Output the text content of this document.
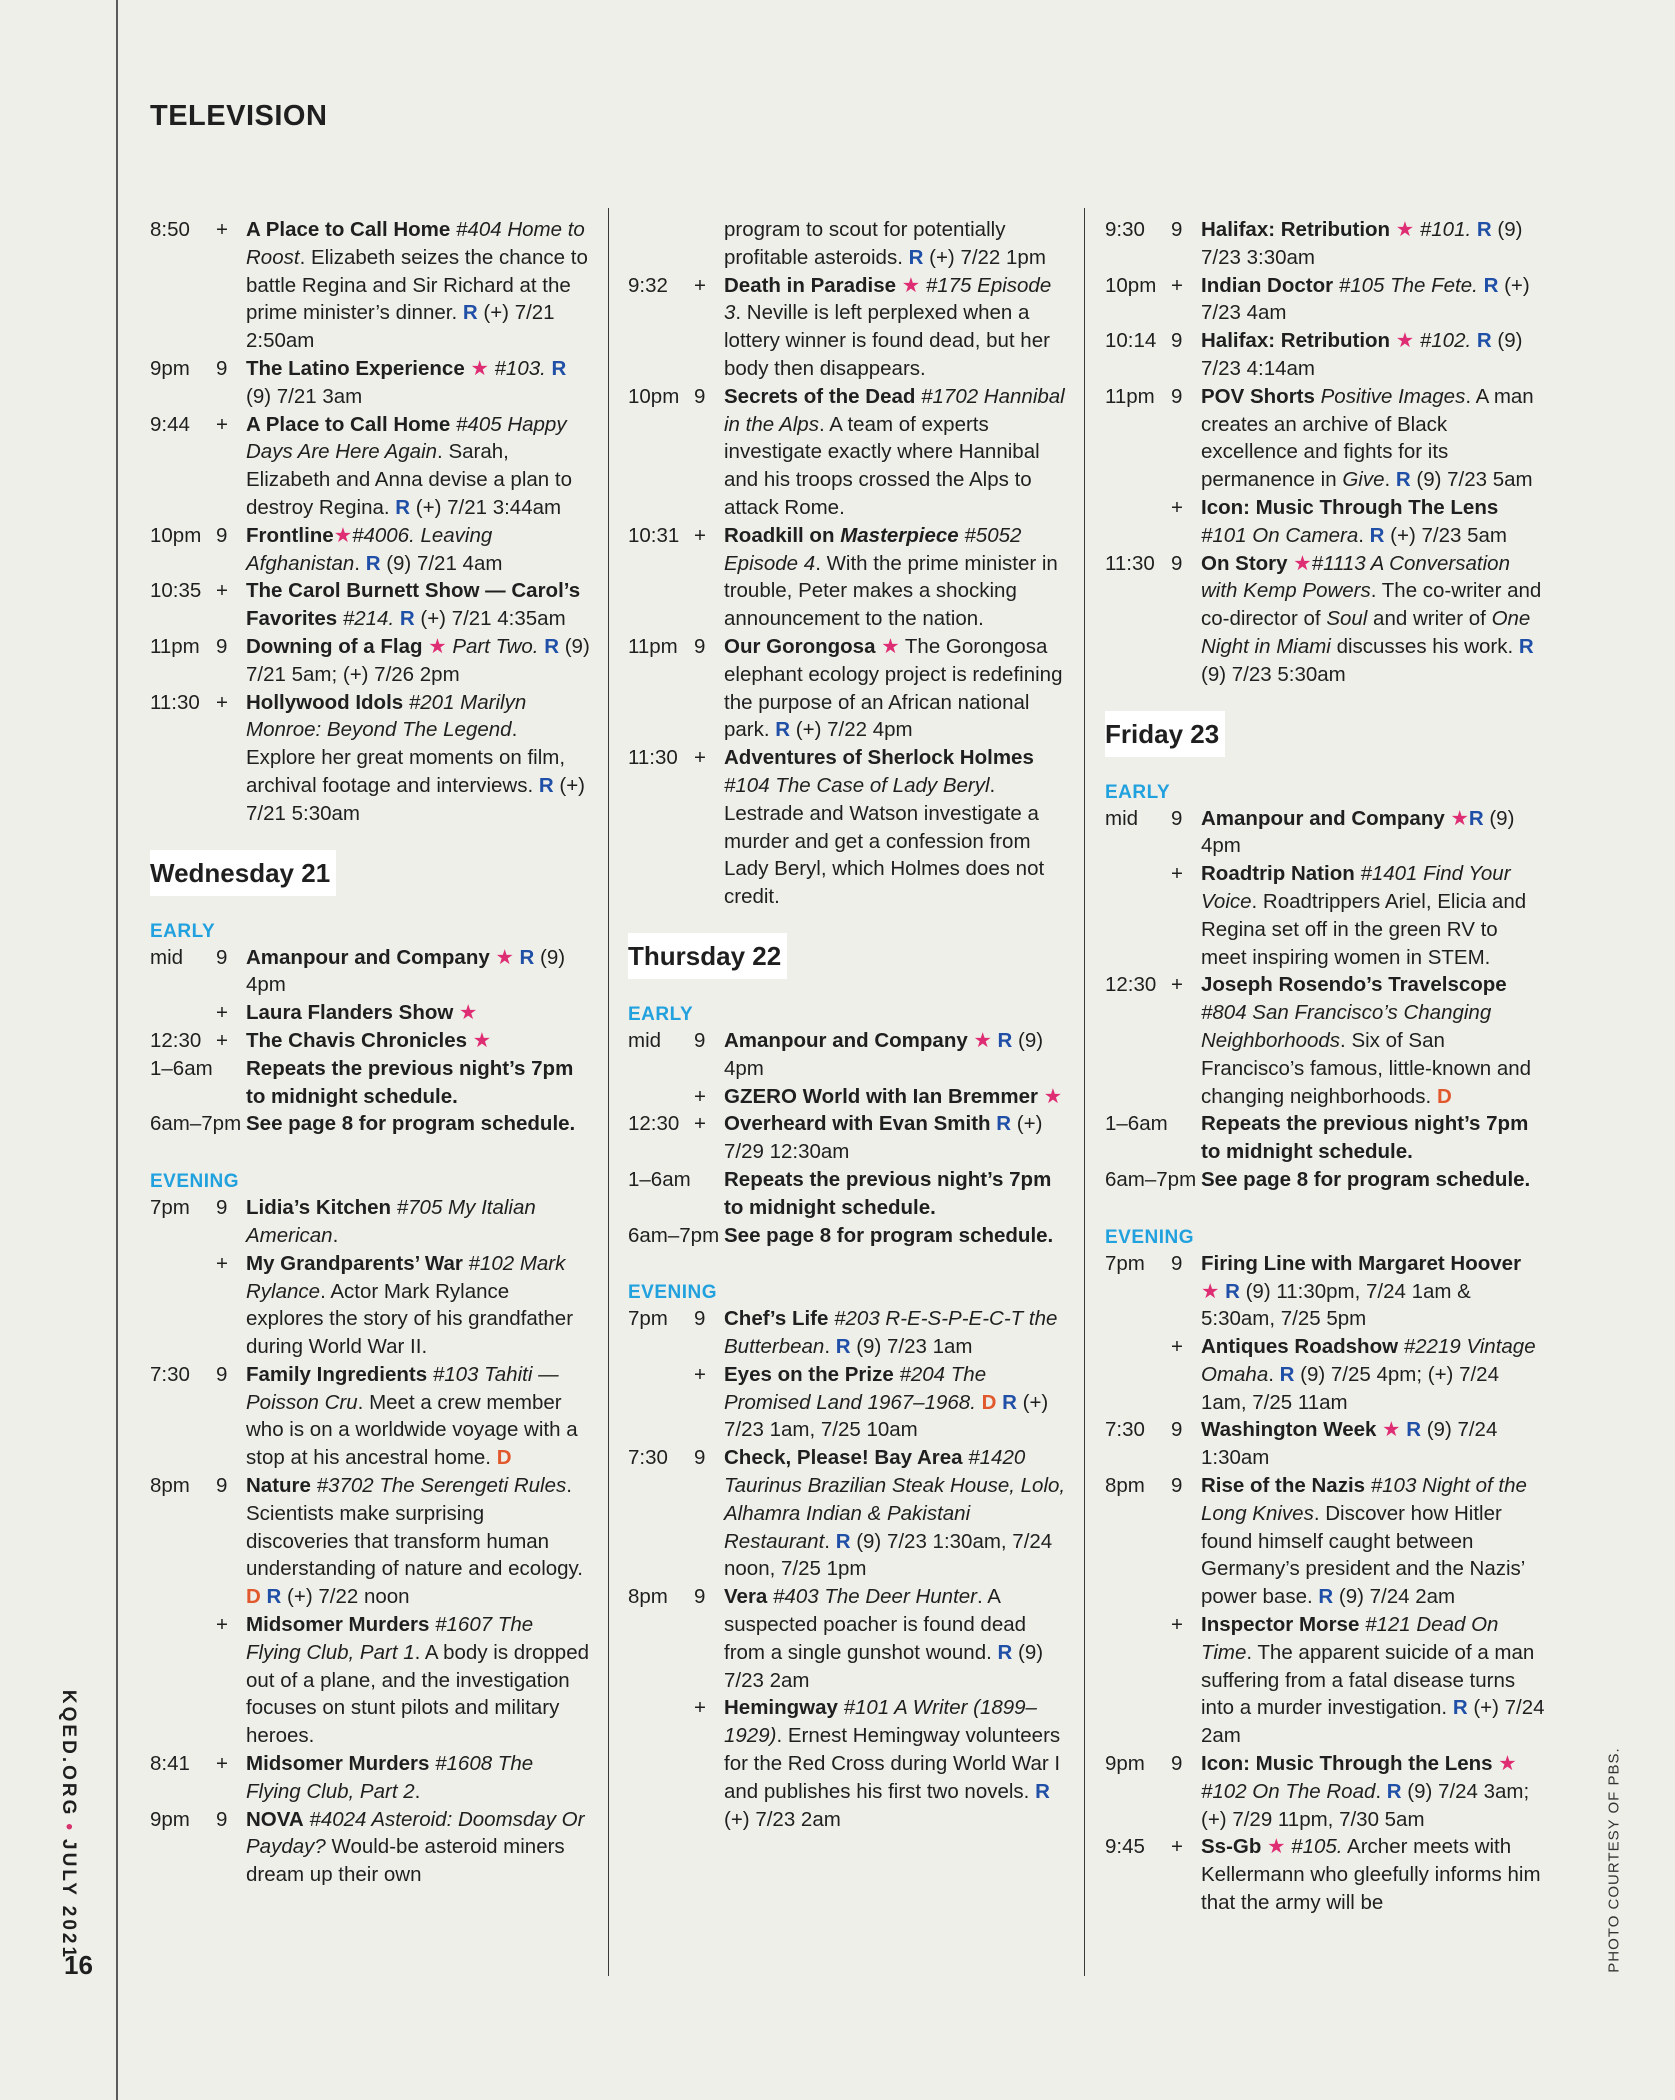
KQED.ORG•JULY 2021
16	PHOTO COURTESY OF PBS.
TELEVISION
8:50	+ A Place to Call Home #404 Home to Roost. Elizabeth seizes the chance to battle Regina and Sir Richard at the prime minister’s dinner. R (+) 7/21 2:50am
9pm	9 The Latino Experience ★ #103. R (9) 7/21 3am
9:44	+ A Place to Call Home #405 Happy Days Are Here Again. Sarah, Elizabeth and Anna devise a plan to destroy Regina. R (+) 7/21 3:44am
10pm 9 Frontline★#4006. Leaving Afghanistan. R (9) 7/21 4am
10:35 + The Carol Burnett Show — Carol’s Favorites #214. R (+) 7/21 4:35am
11pm 9 Downing of a Flag ★ Part Two. R (9) 7/21 5am; (+) 7/26 2pm
11:30 + Hollywood Idols #201 Marilyn Monroe: Beyond The Legend. Explore her great moments on film, archival footage and interviews. R (+) 7/21 5:30am
Wednesday 21
EARLY
mid	9 Amanpour and Company ★ R (9) 4pm
+ Laura Flanders Show ★
12:30 + The Chavis Chronicles ★
1–6am	Repeats the previous night’s 7pm to midnight schedule.
6am–7pm See page 8 for program schedule.
EVENING
7pm	9 Lidia’s Kitchen #705 My Italian American.
+ My Grandparents’ War #102 Mark Rylance. Actor Mark Rylance explores the story of his grandfather during World War II.
7:30	9 Family Ingredients #103 Tahiti — Poisson Cru. Meet a crew member who is on a worldwide voyage with a stop at his ancestral home. D
8pm	9 Nature #3702 The Serengeti Rules. Scientists make surprising discoveries that transform human understanding of nature and ecology. D R (+) 7/22 noon
+ Midsomer Murders #1607 The Flying Club, Part 1. A body is dropped out of a plane, and the investigation focuses on stunt pilots and military heroes.
8:41	+ Midsomer Murders #1608 The Flying Club, Part 2.
9pm	9 NOVA #4024 Asteroid: Doomsday Or Payday? Would-be asteroid miners dream up their own
program to scout for potentially profitable asteroids. R (+) 7/22 1pm
9:32	+ Death in Paradise ★ #175 Episode 3. Neville is left perplexed when a lottery winner is found dead, but her body then disappears.
10pm 9 Secrets of the Dead #1702 Hannibal in the Alps. A team of experts investigate exactly where Hannibal and his troops crossed the Alps to attack Rome.
10:31 + Roadkill on Masterpiece #5052 Episode 4. With the prime minister in trouble, Peter makes a shocking announcement to the nation.
11pm 9 Our Gorongosa ★ The Gorongosa elephant ecology project is redefining the purpose of an African national park. R (+) 7/22 4pm
11:30 + Adventures of Sherlock Holmes #104 The Case of Lady Beryl. Lestrade and Watson investigate a murder and get a confession from Lady Beryl, which Holmes does not credit.
Thursday 22
EARLY
mid	9 Amanpour and Company ★ R (9) 4pm
+ GZERO World with Ian Bremmer ★
12:30 + Overheard with Evan Smith R (+) 7/29 12:30am
1–6am	Repeats the previous night’s 7pm to midnight schedule.
6am–7pm See page 8 for program schedule.
EVENING
7pm	9 Chef’s Life #203 R-E-S-P-E-C-T the Butterbean. R (9) 7/23 1am
+ Eyes on the Prize #204 The Promised Land 1967–1968. D R (+) 7/23 1am, 7/25 10am
7:30	9 Check, Please! Bay Area #1420 Taurinus Brazilian Steak House, Lolo, Alhamra Indian & Pakistani Restaurant. R (9) 7/23 1:30am, 7/24 noon, 7/25 1pm
8pm	9 Vera #403 The Deer Hunter. A suspected poacher is found dead from a single gunshot wound. R (9) 7/23 2am
+ Hemingway #101 A Writer (1899–1929). Ernest Hemingway volunteers for the Red Cross during World War I and publishes his first two novels. R (+) 7/23 2am
9:30	9 Halifax: Retribution ★ #101. R (9) 7/23 3:30am
10pm + Indian Doctor #105 The Fete. R (+) 7/23 4am
10:14 9 Halifax: Retribution ★ #102. R (9) 7/23 4:14am
11pm 9 POV Shorts Positive Images. A man creates an archive of Black excellence and fights for its permanence in Give. R (9) 7/23 5am
+ Icon: Music Through The Lens #101 On Camera. R (+) 7/23 5am
11:30 9 On Story ★#1113 A Conversation with Kemp Powers. The co-writer and co-director of Soul and writer of One Night in Miami discusses his work. R (9) 7/23 5:30am
Friday 23
EARLY
mid	9 Amanpour and Company ★R (9) 4pm
+ Roadtrip Nation #1401 Find Your Voice. Roadtrippers Ariel, Elicia and Regina set off in the green RV to meet inspiring women in STEM.
12:30 + Joseph Rosendo’s Travelscope #804 San Francisco’s Changing Neighborhoods. Six of San Francisco’s famous, little-known and changing neighborhoods. D
1–6am	Repeats the previous night’s 7pm to midnight schedule.
6am–7pm See page 8 for program schedule.
EVENING
7pm	9 Firing Line with Margaret Hoover ★ R (9) 11:30pm, 7/24 1am & 5:30am, 7/25 5pm
+ Antiques Roadshow #2219 Vintage Omaha. R (9) 7/25 4pm; (+) 7/24 1am, 7/25 11am
7:30	9 Washington Week ★ R (9) 7/24 1:30am
8pm	9 Rise of the Nazis #103 Night of the Long Knives. Discover how Hitler found himself caught between Germany’s president and the Nazis’ power base. R (9) 7/24 2am
+ Inspector Morse #121 Dead On Time. The apparent suicide of a man suffering from a fatal disease turns into a murder investigation. R (+) 7/24 2am
9pm	9 Icon: Music Through the Lens ★ #102 On The Road. R (9) 7/24 3am; (+) 7/29 11pm, 7/30 5am
9:45	+ Ss-Gb ★ #105. Archer meets with Kellermann who gleefully informs him that the army will be
